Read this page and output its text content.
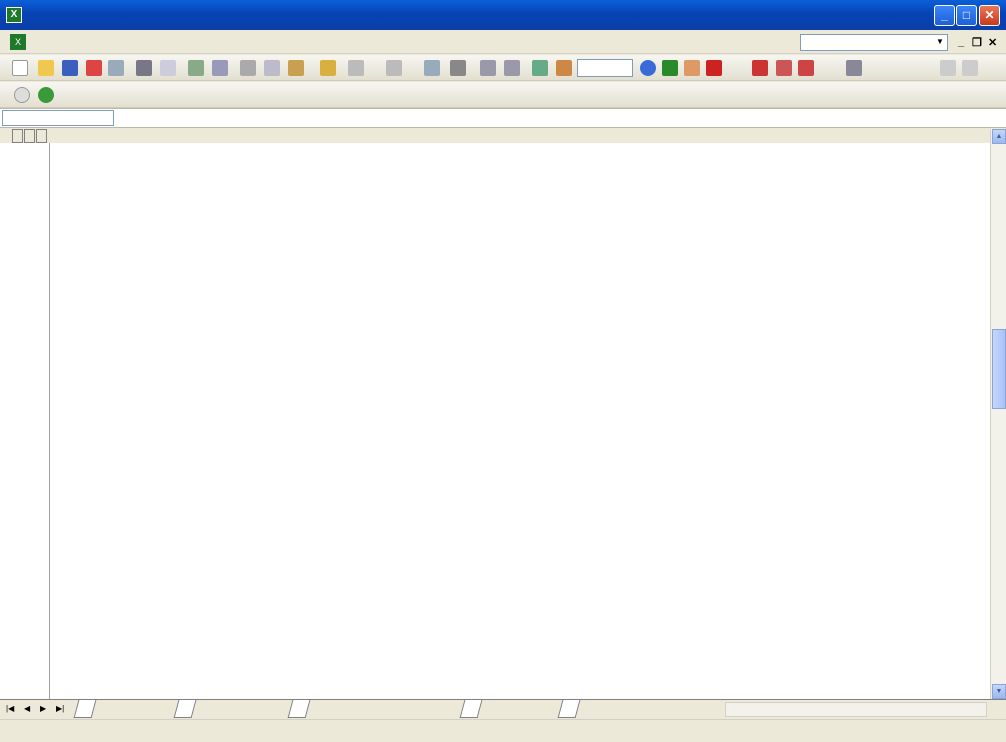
X	_	□	✕
X	▼ _ ❐ ✕
▲
▼
|◀ ◀ ▶ ▶|
